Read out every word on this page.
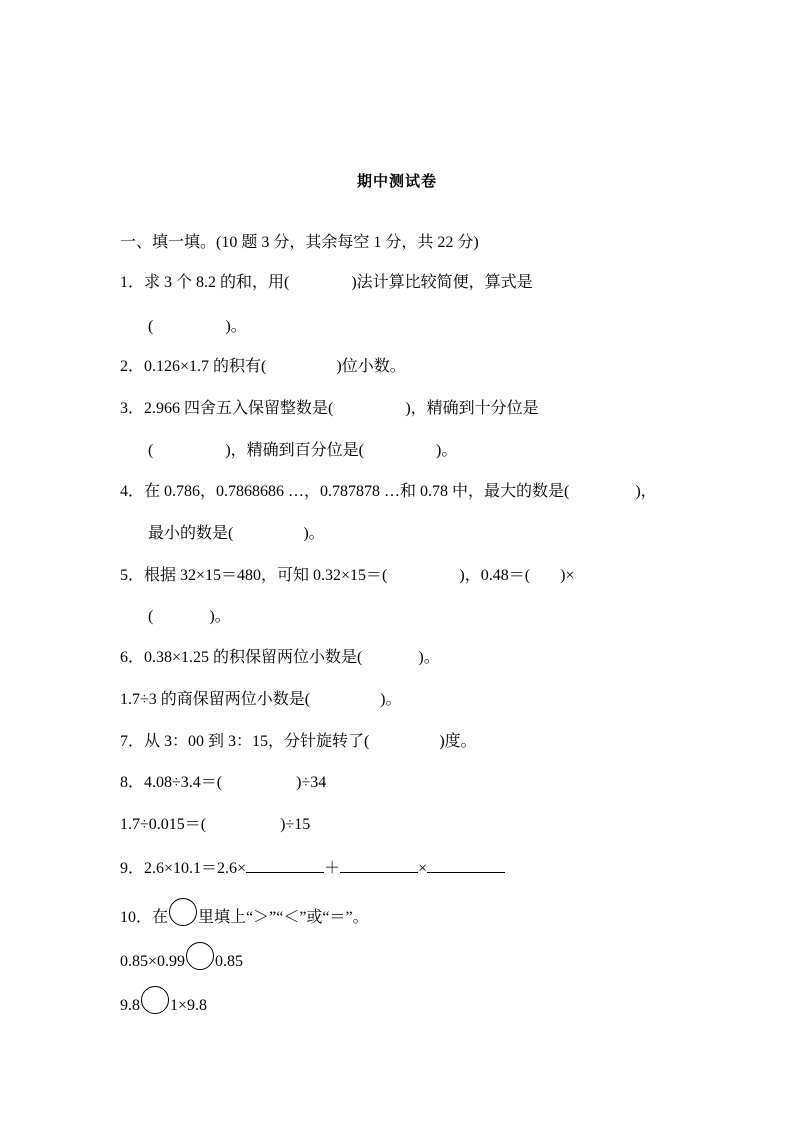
期中测试卷
一、填一填。(10 题 3 分，其余每空 1 分，共 22 分)
1．求 3 个 8.2 的和，用(	)法计算比较简便，算式是
(	)。
2．0.126×1.7 的积有(	)位小数。
3．2.966 四舍五入保留整数是(	)，精确到十分位是
(	)，精确到百分位是(	)。
4．在 0.786，0.7868686 …，0.787878 …和 0.78 中，最大的数是(	)，
最小的数是(	)。
5．根据 32×15＝480，可知 0.32×15＝(	)，0.48＝( )×
(	)。
6．0.38×1.25 的积保留两位小数是(	)。
1.7÷3 的商保留两位小数是(	)。
7．从 3：00 到 3：15，分针旋转了(	)度。
8．4.08÷3.4＝(	)÷34
1.7÷0.015＝(	)÷15
9．2.6×10.1＝2.6×	＋	×
10．在 里填上“＞”“＜”或“＝”。
0.85×0.99 0.85
9.8 1×9.8
